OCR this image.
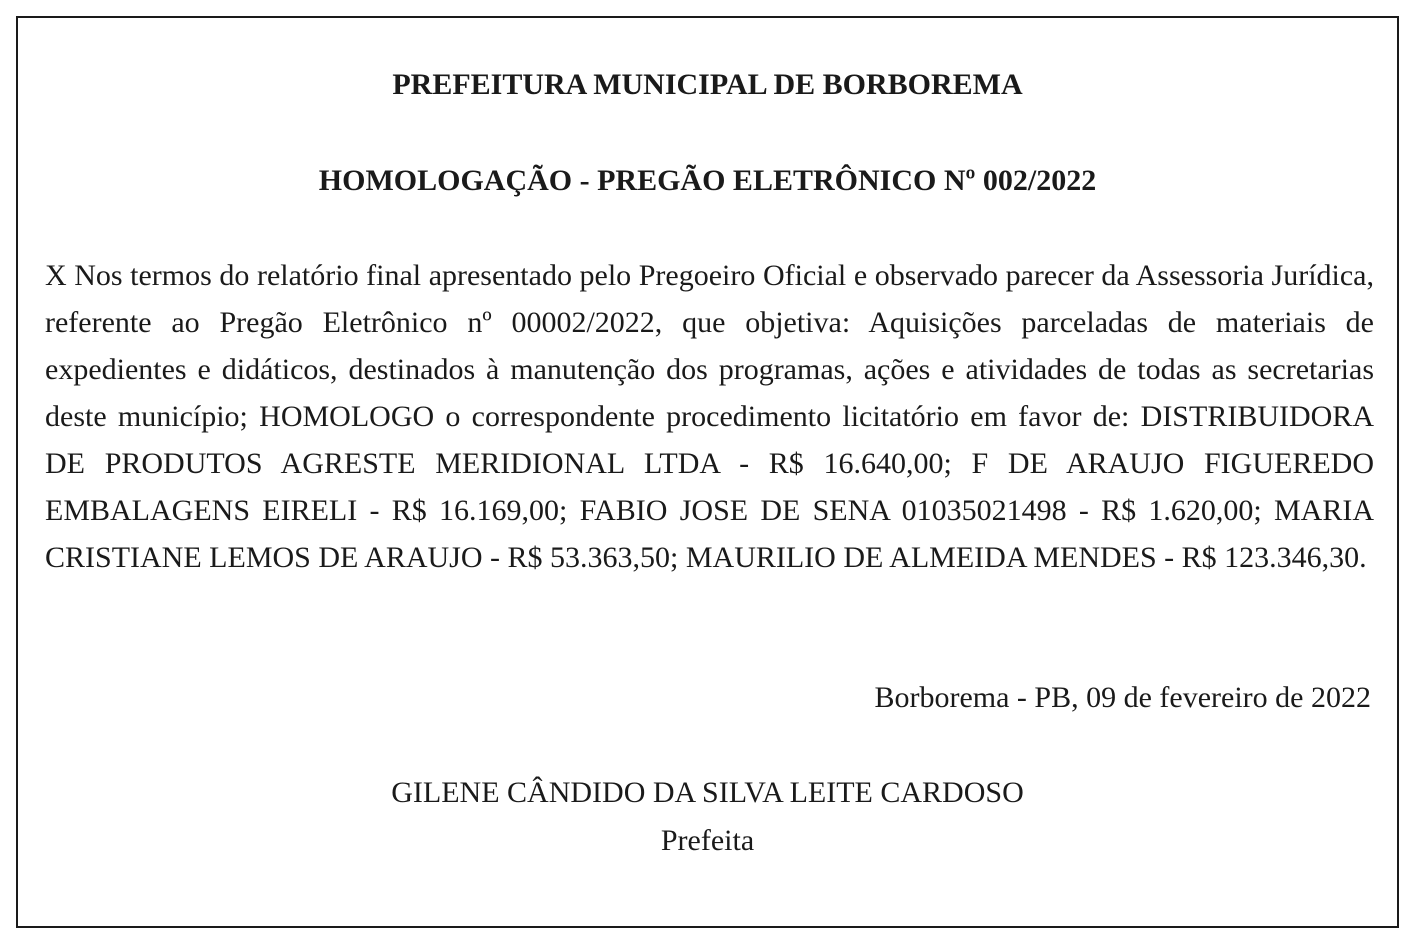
PREFEITURA MUNICIPAL DE BORBOREMA

HOMOLOGAÇÃO - PREGÃO ELETRÔNICO Nº 002/2022

X Nos termos do relatório final apresentado pelo Pregoeiro Oficial e observado parecer da Assessoria Jurídica, referente ao Pregão Eletrônico nº 00002/2022, que objetiva: Aquisições parceladas de materiais de expedientes e didáticos, destinados à manutenção dos programas, ações e atividades de todas as secretarias deste município; HOMOLOGO o correspondente procedimento licitatório em favor de: DISTRIBUIDORA DE PRODUTOS AGRESTE MERIDIONAL LTDA - R$ 16.640,00; F DE ARAUJO FIGUEREDO EMBALAGENS EIRELI - R$ 16.169,00; FABIO JOSE DE SENA 01035021498 - R$ 1.620,00; MARIA CRISTIANE LEMOS DE ARAUJO - R$ 53.363,50; MAURILIO DE ALMEIDA MENDES - R$ 123.346,30.

Borborema - PB, 09 de fevereiro de 2022

GILENE CÂNDIDO DA SILVA LEITE CARDOSO

Prefeita
